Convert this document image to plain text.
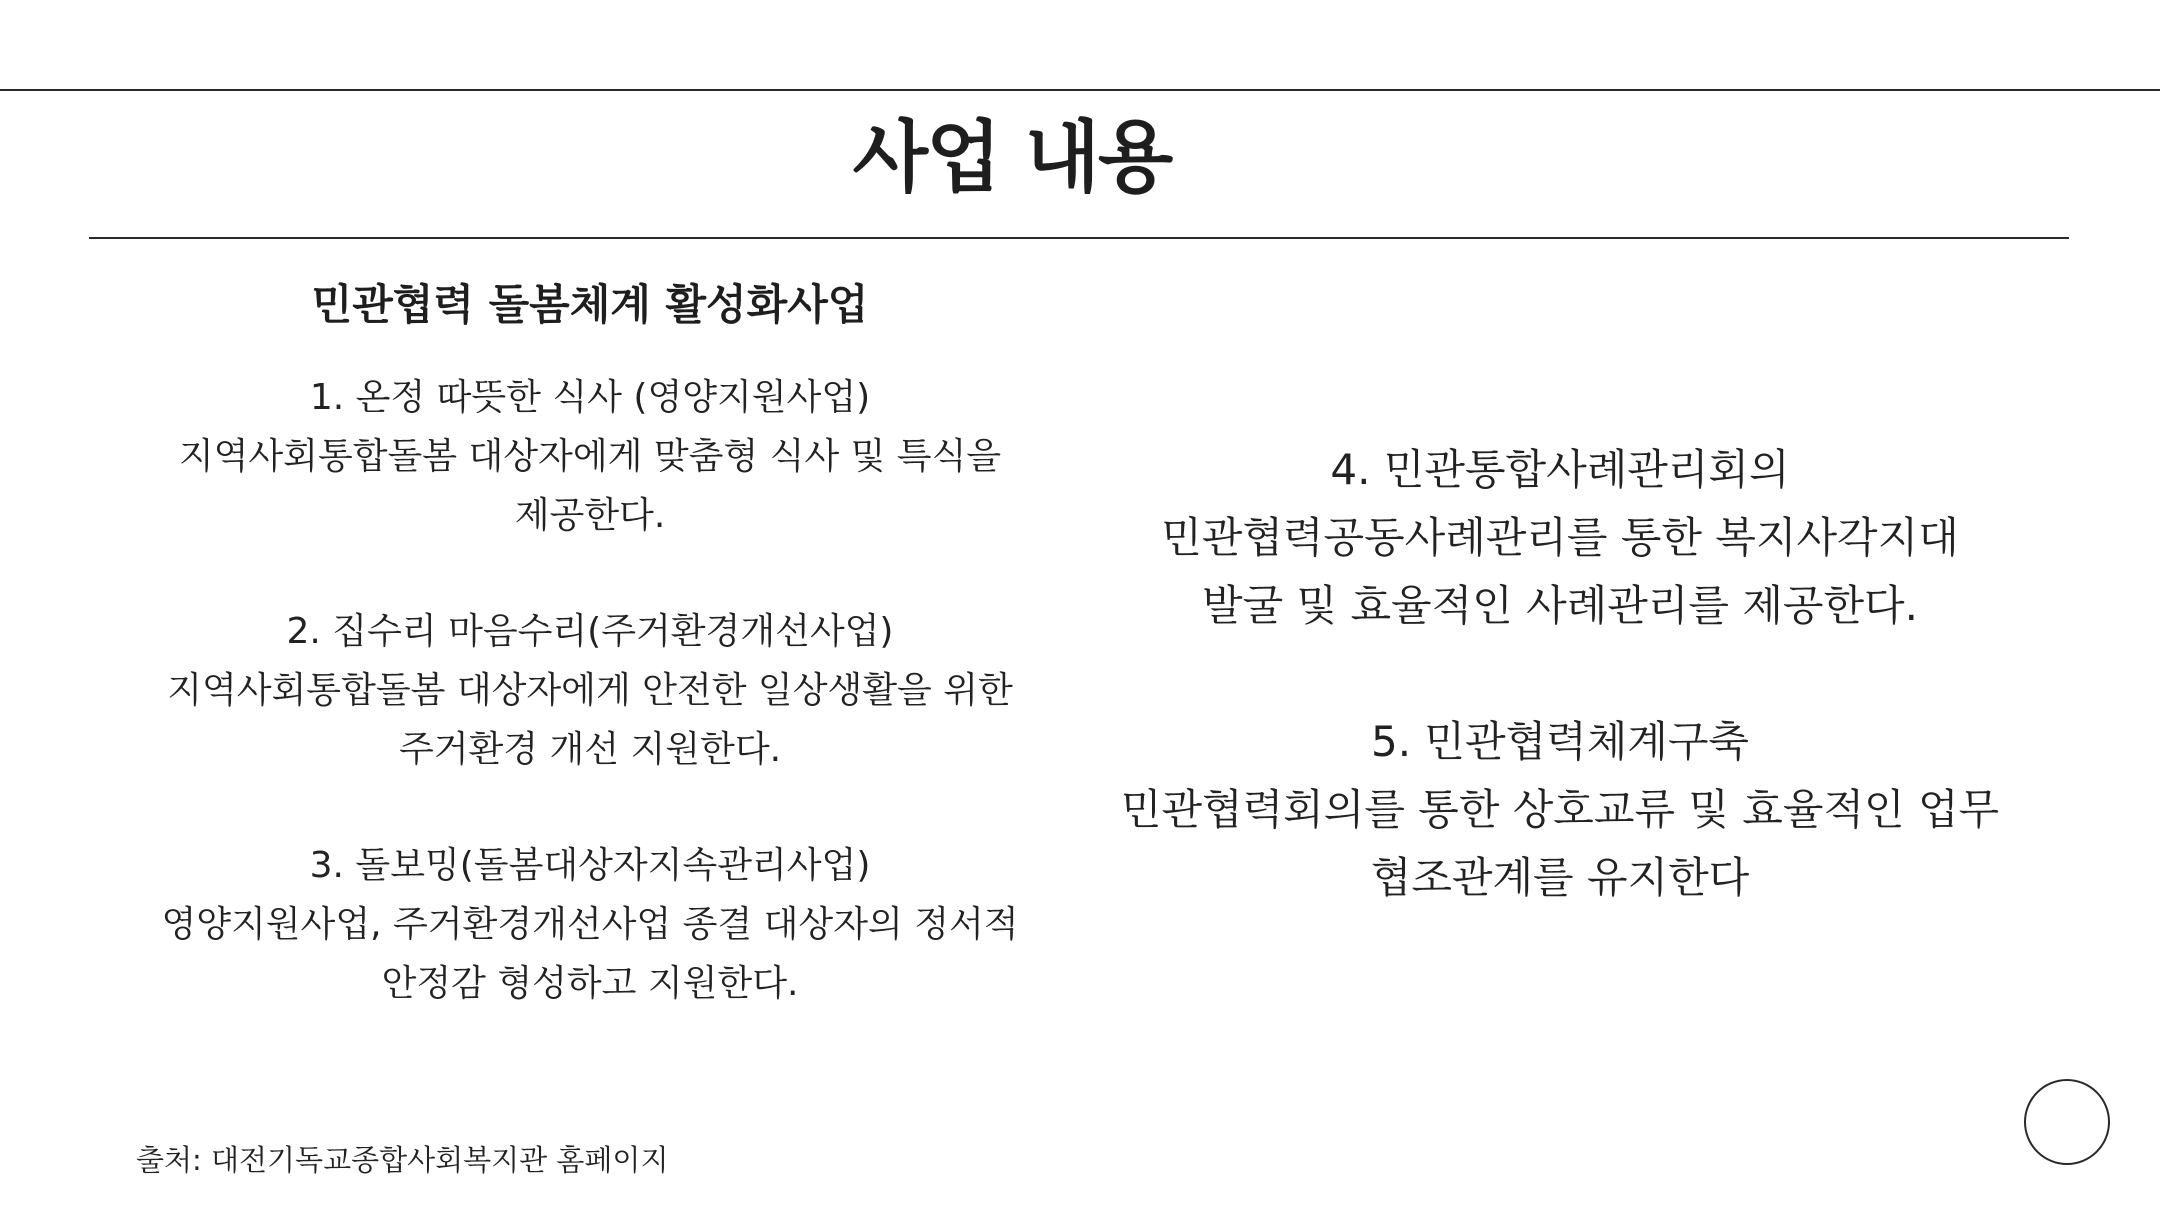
사업 내용
민관협력 돌봄체계 활성화사업
1. 온정 따뜻한 식사 (영양지원사업)
지역사회통합돌봄 대상자에게 맞춤형 식사 및 특식을
제공한다.
2. 집수리 마음수리(주거환경개선사업)
지역사회통합돌봄 대상자에게 안전한 일상생활을 위한
주거환경 개선 지원한다.
3. 돌보밍(돌봄대상자지속관리사업)
영양지원사업, 주거환경개선사업 종결 대상자의 정서적
안정감 형성하고 지원한다.
4. 민관통합사례관리회의
민관협력공동사례관리를 통한 복지사각지대
발굴 및 효율적인 사례관리를 제공한다.
5. 민관협력체계구축
민관협력회의를 통한 상호교류 및 효율적인 업무
협조관계를 유지한다
출처: 대전기독교종합사회복지관 홈페이지
